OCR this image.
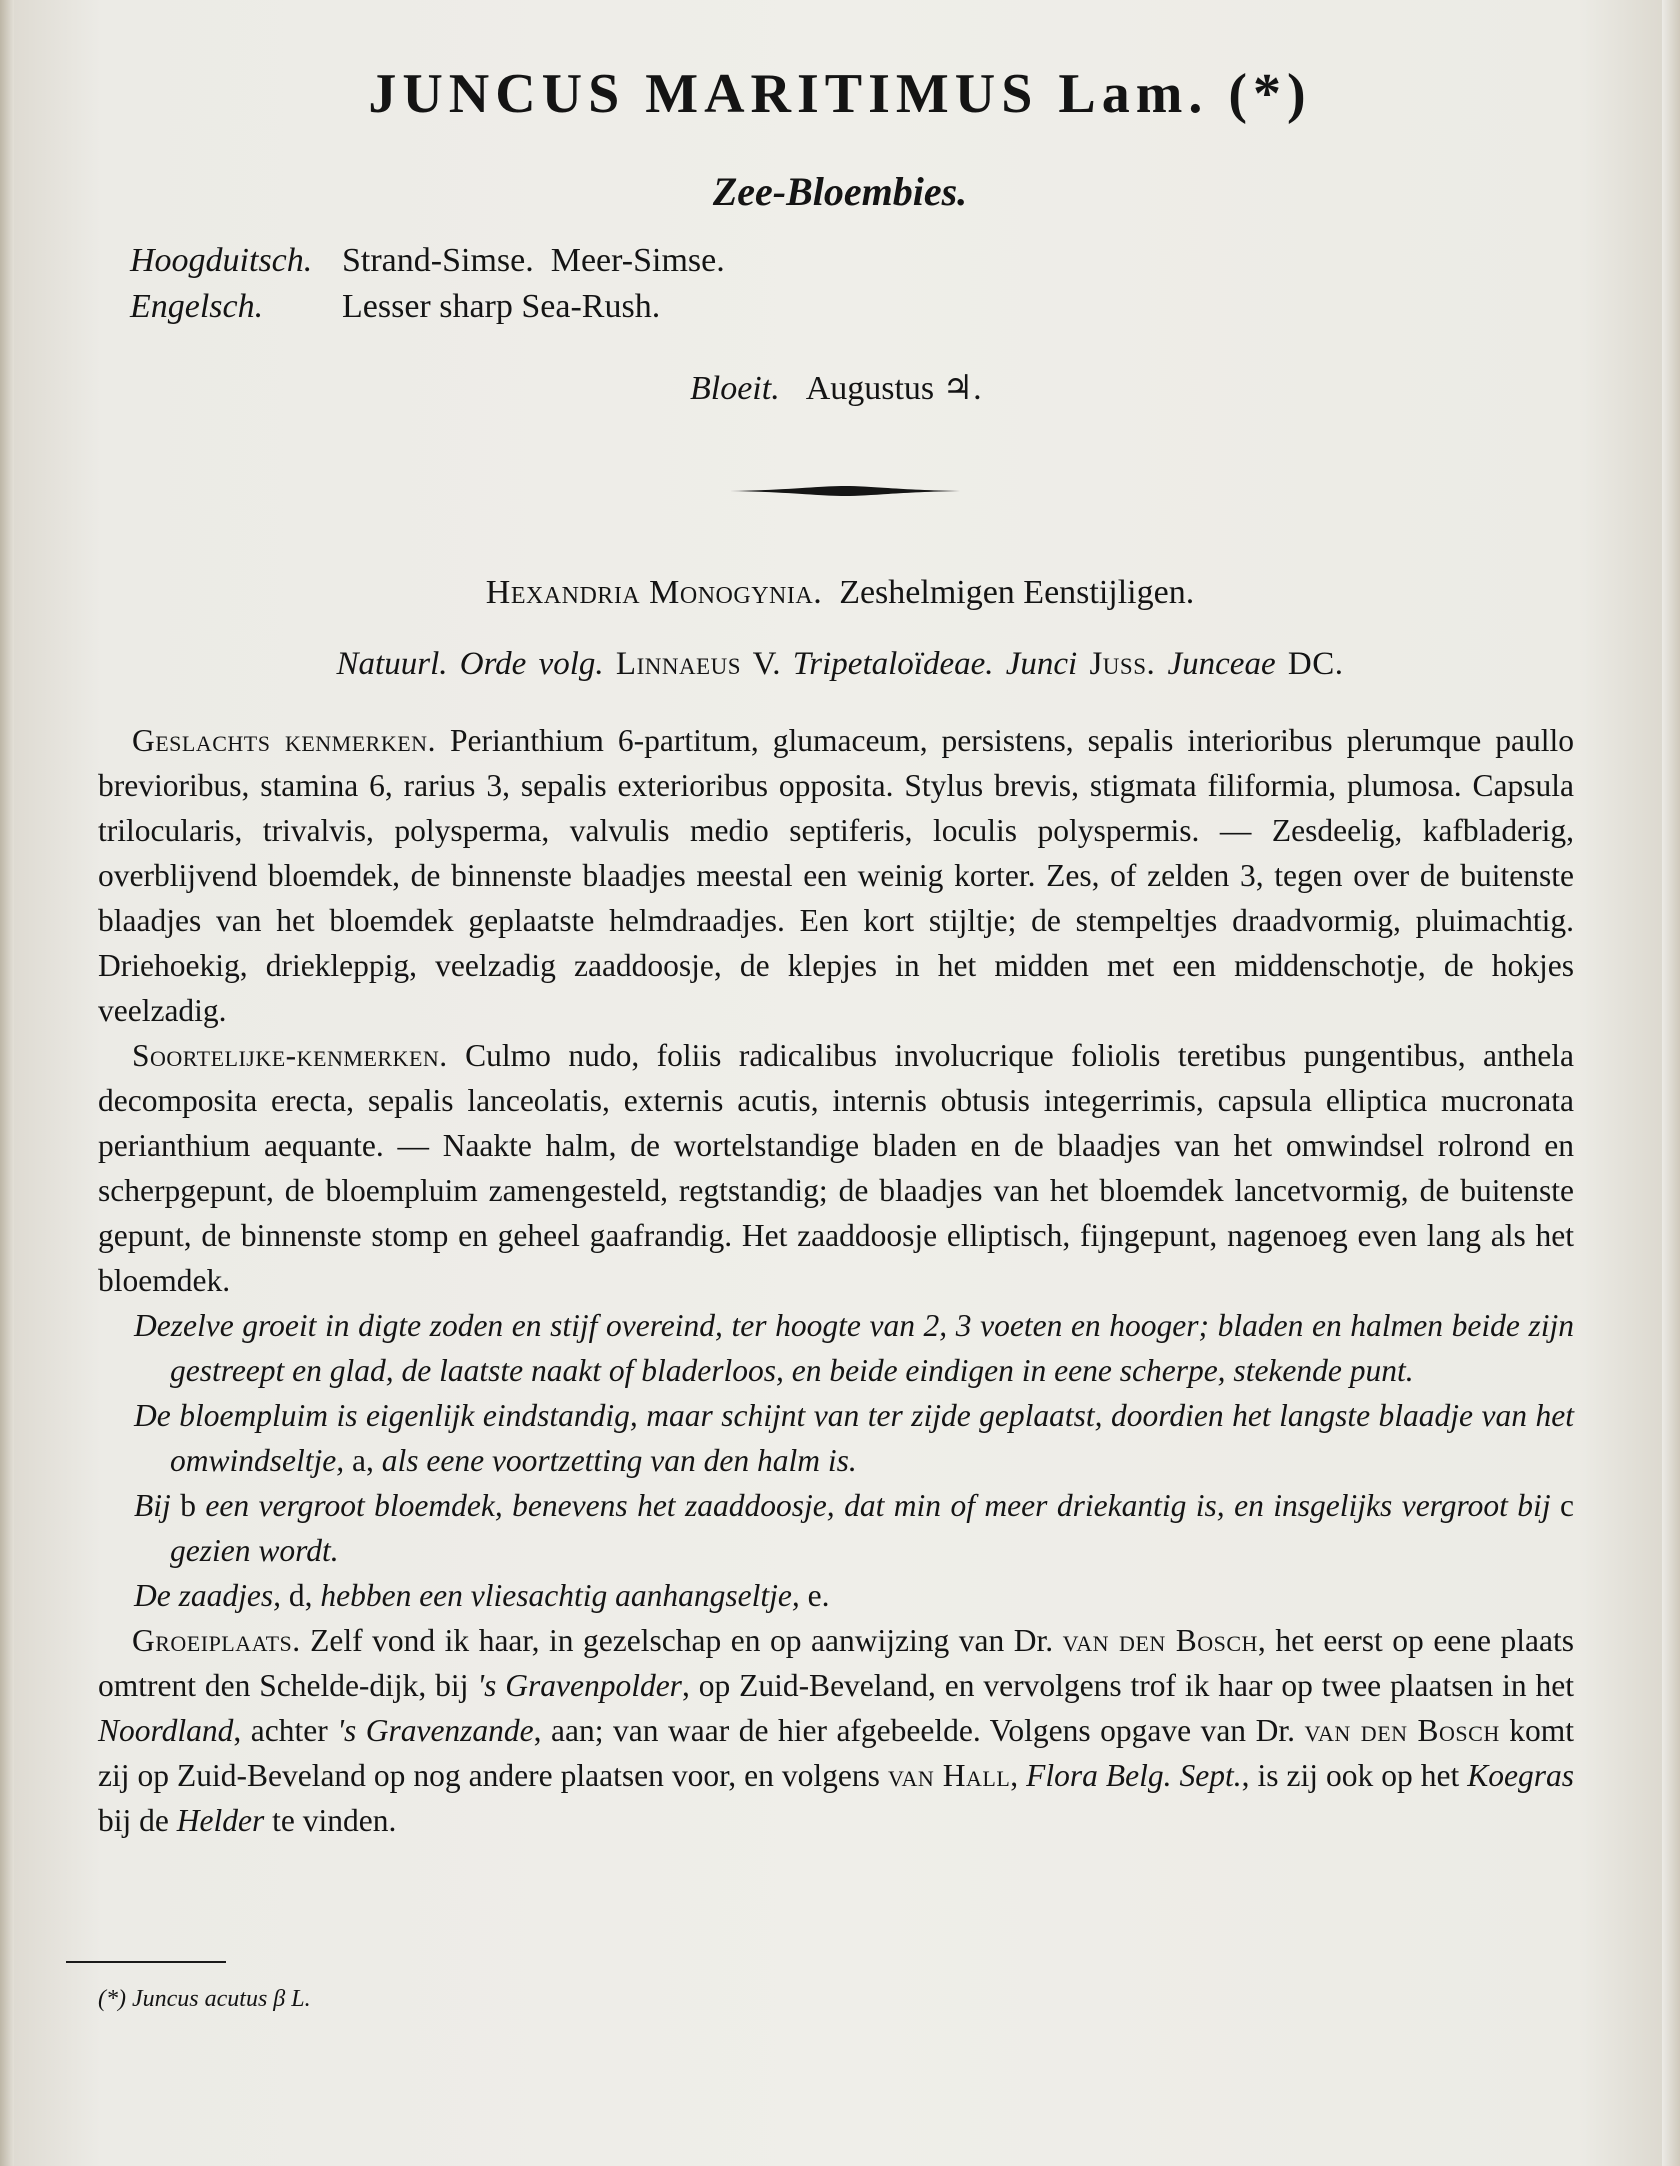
JUNCUS MARITIMUS Lam. (*)
Zee-Bloembies.
Hoogduitsch. Strand-Simse.  Meer-Simse.
Engelsch. Lesser sharp Sea-Rush.
Bloeit. Augustus ♃.
Hexandria Monogynia. Zeshelmigen Eenstijligen.
Natuurl. Orde volg. Linnaeus V. Tripetaloïdeae. Junci Juss. Junceae DC.

Geslachts kenmerken. Perianthium 6-partitum, glumaceum, persistens, sepalis interioribus plerumque paullo brevioribus, stamina 6, rarius 3, sepalis exterioribus opposita. Stylus brevis, stigmata filiformia, plumosa. Capsula trilocularis, trivalvis, polysperma, valvulis medio septiferis, loculis polyspermis. — Zesdeelig, kafbladerig, overblijvend bloemdek, de binnenste blaadjes meestal een weinig korter. Zes, of zelden 3, tegen over de buitenste blaadjes van het bloemdek geplaatste helmdraadjes. Een kort stijltje; de stempeltjes draadvormig, pluimachtig. Driehoekig, driekleppig, veelzadig zaaddoosje, de klepjes in het midden met een middenschotje, de hokjes veelzadig.

Soortelijke-kenmerken. Culmo nudo, foliis radicalibus involucrique foliolis teretibus pungentibus, anthela decomposita erecta, sepalis lanceolatis, externis acutis, internis obtusis integerrimis, capsula elliptica mucronata perianthium aequante. — Naakte halm, de wortelstandige bladen en de blaadjes van het omwindsel rolrond en scherpgepunt, de bloempluim zamengesteld, regtstandig; de blaadjes van het bloemdek lancetvormig, de buitenste gepunt, de binnenste stomp en geheel gaafrandig. Het zaaddoosje elliptisch, fijngepunt, nagenoeg even lang als het bloemdek.

Dezelve groeit in digte zoden en stijf overeind, ter hoogte van 2, 3 voeten en hooger; bladen en halmen beide zijn gestreept en glad, de laatste naakt of bladerloos, en beide eindigen in eene scherpe, stekende punt.

De bloempluim is eigenlijk eindstandig, maar schijnt van ter zijde geplaatst, doordien het langste blaadje van het omwindseltje, a, als eene voortzetting van den halm is.

Bij b een vergroot bloemdek, benevens het zaaddoosje, dat min of meer driekantig is, en insgelijks vergroot bij c gezien wordt.

De zaadjes, d, hebben een vliesachtig aanhangseltje, e.

Groeiplaats. Zelf vond ik haar, in gezelschap en op aanwijzing van Dr. van den Bosch, het eerst op eene plaats omtrent den Schelde-dijk, bij 's Gravenpolder, op Zuid-Beveland, en vervolgens trof ik haar op twee plaatsen in het Noordland, achter 's Gravenzande, aan; van waar de hier afgebeelde. Volgens opgave van Dr. van den Bosch komt zij op Zuid-Beveland op nog andere plaatsen voor, en volgens van Hall, Flora Belg. Sept., is zij ook op het Koegras bij de Helder te vinden.

(*) Juncus acutus β L.
